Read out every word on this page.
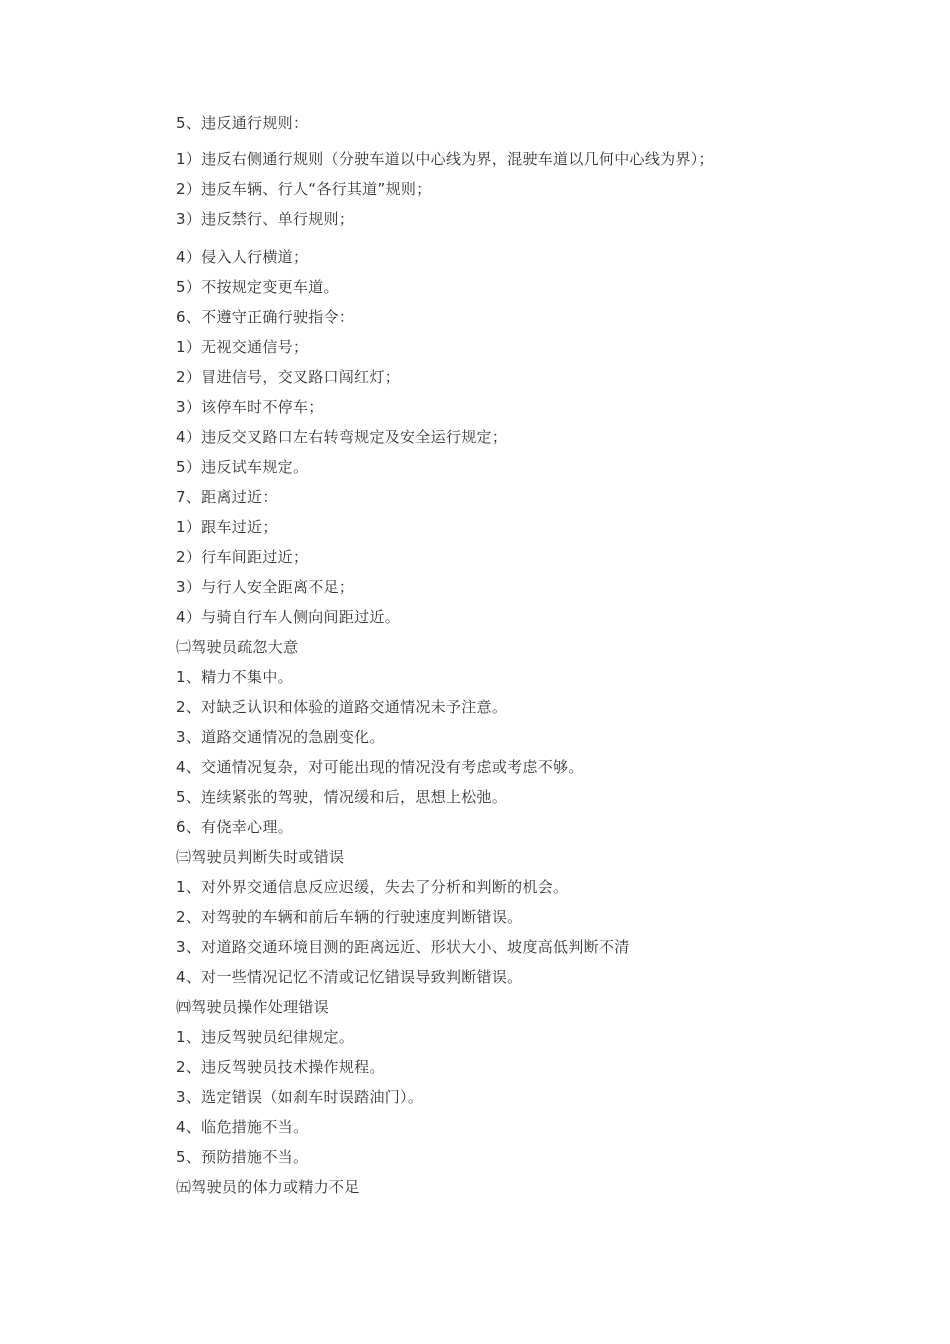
5、违反通行规则：
1）违反右侧通行规则（分驶车道以中心线为界，混驶车道以几何中心线为界）；
2）违反车辆、行人“各行其道”规则；
3）违反禁行、单行规则；
4）侵入人行横道；
5）不按规定变更车道。
6、不遵守正确行驶指令：
1）无视交通信号；
2）冒进信号，交叉路口闯红灯；
3）该停车时不停车；
4）违反交叉路口左右转弯规定及安全运行规定；
5）违反试车规定。
7、距离过近：
1）跟车过近；
2）行车间距过近；
3）与行人安全距离不足；
4）与骑自行车人侧向间距过近。
㈡驾驶员疏忽大意
1、精力不集中。
2、对缺乏认识和体验的道路交通情况未予注意。
3、道路交通情况的急剧变化。
4、交通情况复杂，对可能出现的情况没有考虑或考虑不够。
5、连续紧张的驾驶，情况缓和后，思想上松弛。
6、有侥幸心理。
㈢驾驶员判断失时或错误
1、对外界交通信息反应迟缓，失去了分析和判断的机会。
2、对驾驶的车辆和前后车辆的行驶速度判断错误。
3、对道路交通环境目测的距离远近、形状大小、坡度高低判断不清
4、对一些情况记忆不清或记忆错误导致判断错误。
㈣驾驶员操作处理错误
1、违反驾驶员纪律规定。
2、违反驾驶员技术操作规程。
3、选定错误（如刹车时误踏油门）。
4、临危措施不当。
5、预防措施不当。
㈤驾驶员的体力或精力不足
